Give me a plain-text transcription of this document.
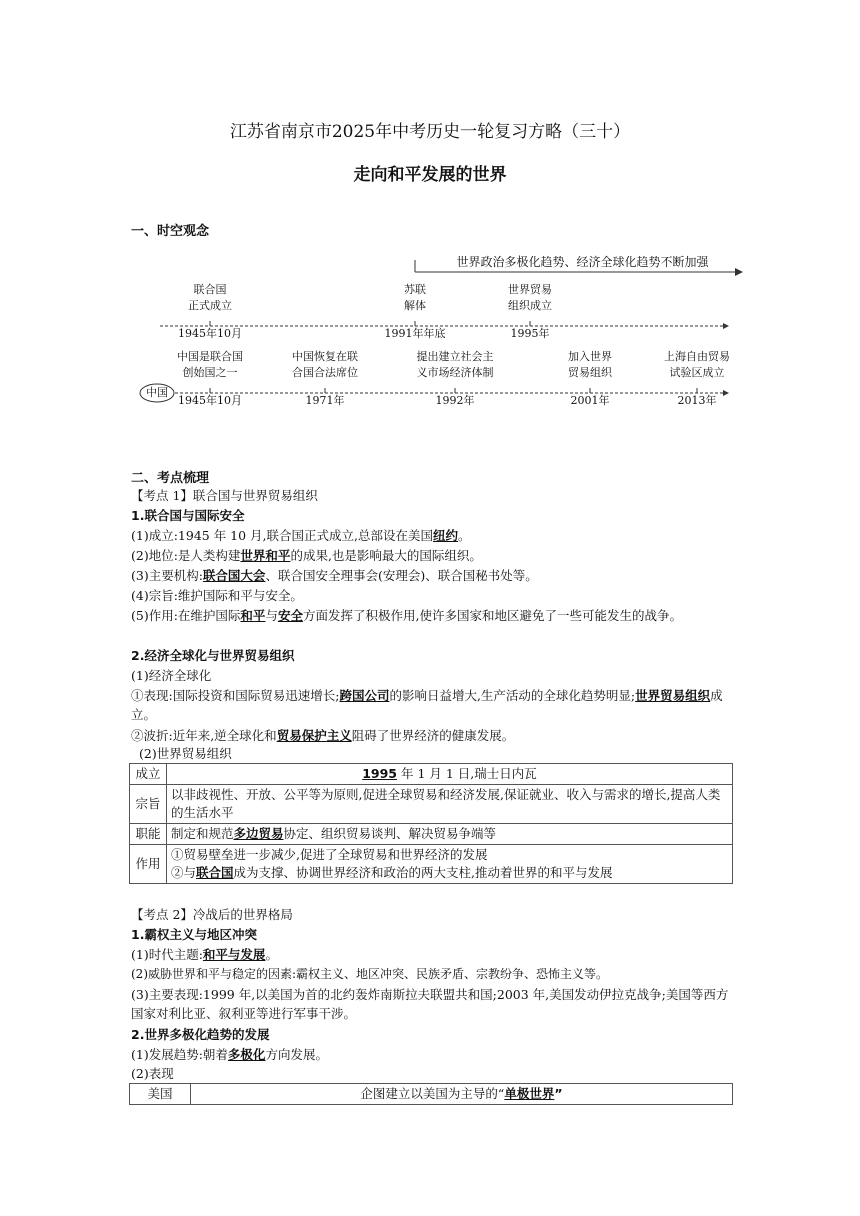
江苏省南京市2025年中考历史一轮复习方略（三十）
走向和平发展的世界
一、时空观念
世界政治多极化趋势、经济全球化趋势不断加强
联合国
正式成立
1945年10月
苏联
解体
1991年年底
世界贸易
组织成立
1995年
中国
中国是联合国
创始国之一
1945年10月
中国恢复在联
合国合法席位
1971年
提出建立社会主
义市场经济体制
1992年
加入世界
贸易组织
2001年
上海自由贸易
试验区成立
2013年
二、考点梳理
【考点 1】联合国与世界贸易组织
1.联合国与国际安全
(1)成立:1945 年 10 月,联合国正式成立,总部设在美国纽约。
(2)地位:是人类构建世界和平的成果,也是影响最大的国际组织。
(3)主要机构:联合国大会、联合国安全理事会(安理会)、联合国秘书处等。
(4)宗旨:维护国际和平与安全。
(5)作用:在维护国际和平与安全方面发挥了积极作用,使许多国家和地区避免了一些可能发生的战争。
2.经济全球化与世界贸易组织
(1)经济全球化
①表现:国际投资和国际贸易迅速增长;跨国公司的影响日益增大,生产活动的全球化趋势明显;世界贸易组织成立。
②波折:近年来,逆全球化和贸易保护主义阻碍了世界经济的健康发展。
(2)世界贸易组织
成立	1995 年 1 月 1 日,瑞士日内瓦
宗旨	以非歧视性、开放、公平等为原则,促进全球贸易和经济发展,保证就业、收入与需求的增长,提高人类的生活水平
职能	制定和规范多边贸易协定、组织贸易谈判、解决贸易争端等
作用	①贸易壁垒进一步减少,促进了全球贸易和世界经济的发展
②与联合国成为支撑、协调世界经济和政治的两大支柱,推动着世界的和平与发展
【考点 2】冷战后的世界格局
1.霸权主义与地区冲突
(1)时代主题:和平与发展。
(2)威胁世界和平与稳定的因素:霸权主义、地区冲突、民族矛盾、宗教纷争、恐怖主义等。
(3)主要表现:1999 年,以美国为首的北约轰炸南斯拉夫联盟共和国;2003 年,美国发动伊拉克战争;美国等西方国家对利比亚、叙利亚等进行军事干涉。
2.世界多极化趋势的发展
(1)发展趋势:朝着多极化方向发展。
(2)表现
美国	企图建立以美国为主导的“单极世界”
